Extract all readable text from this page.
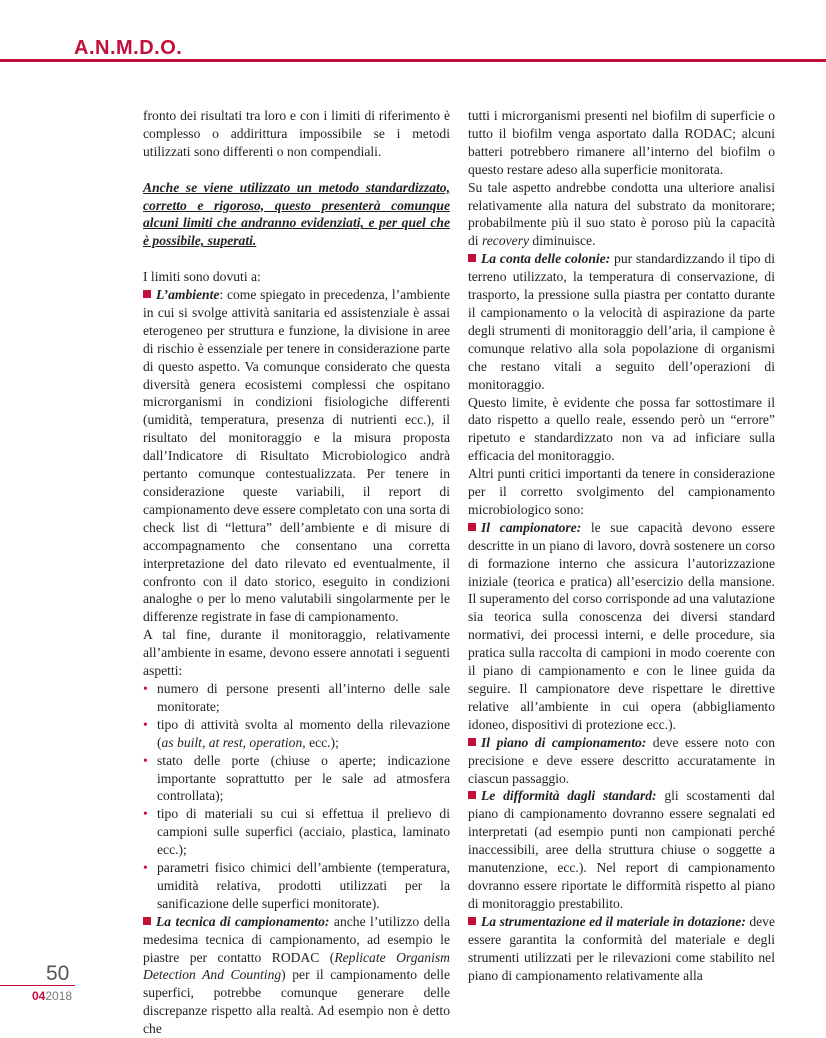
A.N.M.D.O.

fronto dei risultati tra loro e con i limiti di riferimento è complesso o addirittura impossibile se i metodi utilizzati sono differenti o non compendiali.

Anche se viene utilizzato un metodo standardizzato, corretto e rigoroso, questo presenterà comunque alcuni limiti che andranno evidenziati, e per quel che è possibile, superati.

I limiti sono dovuti a:

L’ambiente: come spiegato in precedenza, l’ambiente in cui si svolge attività sanitaria ed assistenziale è assai eterogeneo per struttura e funzione, la divisione in aree di rischio è essenziale per tenere in considerazione parte di questo aspetto. Va comunque considerato che questa diversità genera ecosistemi complessi che ospitano microrganismi in condizioni fisiologiche differenti (umidità, temperatura, presenza di nutrienti ecc.), il risultato del monitoraggio e la misura proposta dall’Indicatore di Risultato Microbiologico andrà pertanto comunque contestualizzata. Per tenere in considerazione queste variabili, il report di campionamento deve essere completato con una sorta di check list di “lettura” dell’ambiente e di misure di accompagnamento che consentano una corretta interpretazione del dato rilevato ed eventualmente, il confronto con il dato storico, eseguito in condizioni analoghe o per lo meno valutabili singolarmente per le differenze registrate in fase di campionamento.

A tal fine, durante il monitoraggio, relativamente all’ambiente in esame, devono essere annotati i seguenti aspetti:

• numero di persone presenti all’interno delle sale monitorate;
• tipo di attività svolta al momento della rilevazione (as built, at rest, operation, ecc.);
• stato delle porte (chiuse o aperte; indicazione importante soprattutto per le sale ad atmosfera controllata);
• tipo di materiali su cui si effettua il prelievo di campioni sulle superfici (acciaio, plastica, laminato ecc.);
• parametri fisico chimici dell’ambiente (temperatura, umidità relativa, prodotti utilizzati per la sanificazione delle superfici monitorate).

La tecnica di campionamento: anche l’utilizzo della medesima tecnica di campionamento, ad esempio le piastre per contatto RODAC (Replicate Organism Detection And Counting) per il campionamento delle superfici, potrebbe comunque generare delle discrepanze rispetto alla realtà. Ad esempio non è detto che

tutti i microrganismi presenti nel biofilm di superficie o tutto il biofilm venga asportato dalla RODAC; alcuni batteri potrebbero rimanere all’interno del biofilm o questo restare adeso alla superficie monitorata.

Su tale aspetto andrebbe condotta una ulteriore analisi relativamente alla natura del substrato da monitorare; probabilmente più il suo stato è poroso più la capacità di recovery diminuisce.

La conta delle colonie: pur standardizzando il tipo di terreno utilizzato, la temperatura di conservazione, di trasporto, la pressione sulla piastra per contatto durante il campionamento o la velocità di aspirazione da parte degli strumenti di monitoraggio dell’aria, il campione è comunque relativo alla sola popolazione di organismi che restano vitali a seguito dell’operazioni di monitoraggio.

Questo limite, è evidente che possa far sottostimare il dato rispetto a quello reale, essendo però un “errore” ripetuto e standardizzato non va ad inficiare sulla efficacia del monitoraggio.

Altri punti critici importanti da tenere in considerazione per il corretto svolgimento del campionamento microbiologico sono:

Il campionatore: le sue capacità devono essere descritte in un piano di lavoro, dovrà sostenere un corso di formazione interno che assicura l’autorizzazione iniziale (teorica e pratica) all’esercizio della mansione. Il superamento del corso corrisponde ad una valutazione sia teorica sulla conoscenza dei diversi standard normativi, dei processi interni, e delle procedure, sia pratica sulla raccolta di campioni in modo coerente con il piano di campionamento e con le linee guida da seguire. Il campionatore deve rispettare le direttive relative all’ambiente in cui opera (abbigliamento idoneo, dispositivi di protezione ecc.).

Il piano di campionamento: deve essere noto con precisione e deve essere descritto accuratamente in ciascun passaggio.

Le difformità dagli standard: gli scostamenti dal piano di campionamento dovranno essere segnalati ed interpretati (ad esempio punti non campionati perché inaccessibili, aree della struttura chiuse o soggette a manutenzione, ecc.). Nel report di campionamento dovranno essere riportate le difformità rispetto al piano di monitoraggio prestabilito.

La strumentazione ed il materiale in dotazione: deve essere garantita la conformità del materiale e degli strumenti utilizzati per le rilevazioni come stabilito nel piano di campionamento relativamente alla

50
042018
